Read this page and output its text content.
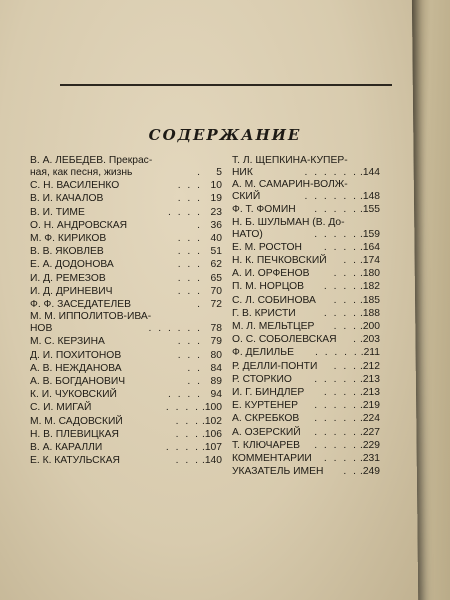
СОДЕРЖАНИЕ
В. А. ЛЕБЕДЕВ. Прекрас-
ная, как песня, жизнь	.	5
С. Н. ВАСИЛЕНКО	. . . 10
В. И. КАЧАЛОВ	. . . 19
В. И. ТИМЕ	. . . . 23
О. Н. АНДРОВСКАЯ	. 36
М. Ф. КИРИКОВ	. . . 40
В. В. ЯКОВЛЕВ	. . . 51
Е. А. ДОДОНОВА	. . . 62
И. Д. РЕМЕЗОВ	. . . 65
И. Д. ДРИНЕВИЧ	. . . 70
Ф. Ф. ЗАСЕДАТЕЛЕВ	. 72
М. М. ИППОЛИТОВ-ИВА-
НОВ	. . . . . . 78
М. С. КЕРЗИНА	. . . 79
Д. И. ПОХИТОНОВ	. . . 80
А. В. НЕЖДАНОВА	. . 84
А. В. БОГДАНОВИЧ	. . 89
К. И. ЧУКОВСКИЙ	. . . . 94
С. И. МИГАЙ	. . . . .100
М. М. САДОВСКИЙ	. . . .102
Н. В. ПЛЕВИЦКАЯ	. . . .106
В. А. КАРАЛЛИ	. . . . .107
Е. К. КАТУЛЬСКАЯ	. . . .140
Т. Л. ЩЕПКИНА-КУПЕР-
НИК	. . . . . . .144
А. М. САМАРИН-ВОЛЖ-
СКИЙ	. . . . . . .148
Ф. Т. ФОМИН	. . . . . .155
Н. Б. ШУЛЬМАН (В. До-
НАТО)	. . . . . .159
Е. М. РОСТОН	. . . . .164
Н. К. ПЕЧКОВСКИЙ	. . .174
А. И. ОРФЕНОВ	. . . .180
П. М. НОРЦОВ	. . . . .182
С. Л. СОБИНОВА	. . . .185
Г. В. КРИСТИ	. . . . .188
М. Л. МЕЛЬТЦЕР	. . . .200
О. С. СОБОЛЕВСКАЯ	. .203
Ф. ДЕЛИЛЬЕ	. . . . . .211
Р. ДЕЛЛИ-ПОНТИ	. . . .212
Р. СТОРКИО	. . . . . .213
И. Г. БИНДЛЕР	. . . . .213
Е. КУРТЕНЕР	. . . . . .219
А. СКРЕБКОВ	. . . . . .224
А. ОЗЕРСКИЙ	. . . . . .227
Т. КЛЮЧАРЕВ	. . . . . .229
КОММЕНТАРИИ	. . . . .231
УКАЗАТЕЛЬ ИМЕН	. . .249
